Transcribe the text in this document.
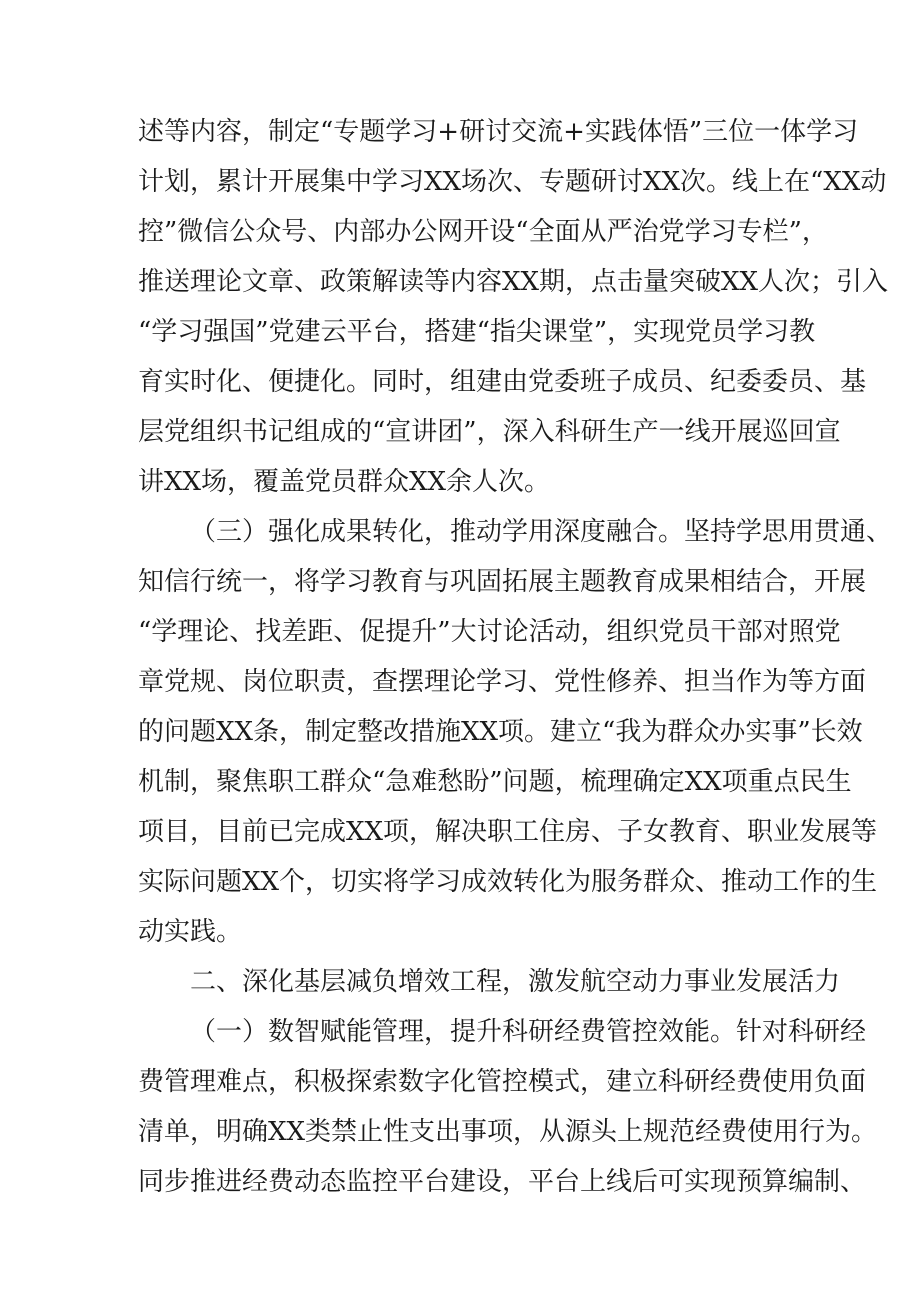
述等内容，制定“专题学习+研讨交流+实践体悟”三位一体学习
计划，累计开展集中学习XX场次、专题研讨XX次。线上在“XX动
控”微信公众号、内部办公网开设“全面从严治党学习专栏”，
推送理论文章、政策解读等内容XX期，点击量突破XX人次；引入
“学习强国”党建云平台，搭建“指尖课堂”，实现党员学习教
育实时化、便捷化。同时，组建由党委班子成员、纪委委员、基
层党组织书记组成的“宣讲团”，深入科研生产一线开展巡回宣
讲XX场，覆盖党员群众XX余人次。
（三）强化成果转化，推动学用深度融合。坚持学思用贯通、
知信行统一，将学习教育与巩固拓展主题教育成果相结合，开展
“学理论、找差距、促提升”大讨论活动，组织党员干部对照党
章党规、岗位职责，查摆理论学习、党性修养、担当作为等方面
的问题XX条，制定整改措施XX项。建立“我为群众办实事”长效
机制，聚焦职工群众“急难愁盼”问题，梳理确定XX项重点民生
项目，目前已完成XX项，解决职工住房、子女教育、职业发展等
实际问题XX个，切实将学习成效转化为服务群众、推动工作的生
动实践。
二、深化基层减负增效工程，激发航空动力事业发展活力
（一）数智赋能管理，提升科研经费管控效能。针对科研经
费管理难点，积极探索数字化管控模式，建立科研经费使用负面
清单，明确XX类禁止性支出事项，从源头上规范经费使用行为。
同步推进经费动态监控平台建设，平台上线后可实现预算编制、
